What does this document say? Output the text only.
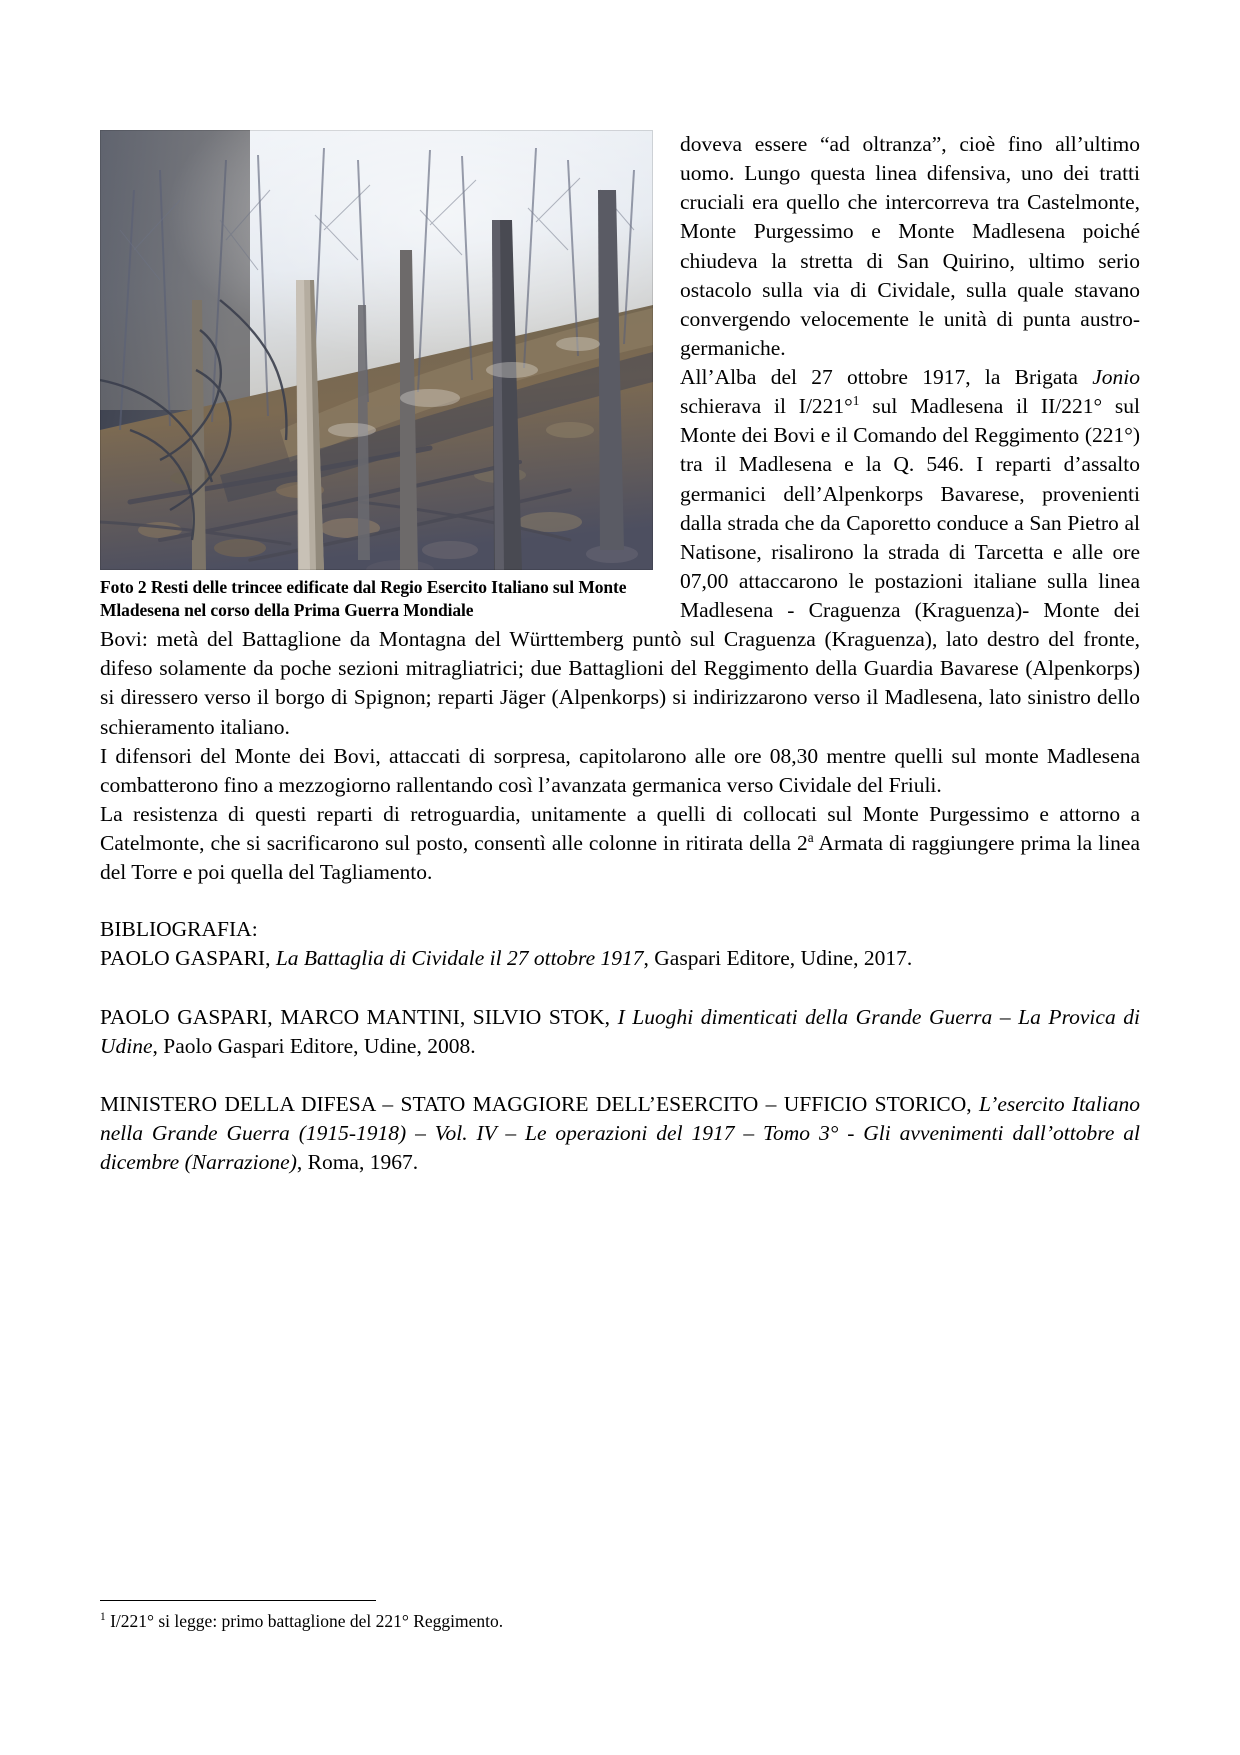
Foto 2 Resti delle trincee edificate dal Regio Esercito Italiano sul Monte Mladesena nel corso della Prima Guerra Mondiale

doveva essere “ad oltranza”, cioè fino all’ultimo uomo. Lungo questa linea difensiva, uno dei tratti cruciali era quello che intercorreva tra Castelmonte, Monte Purgessimo e Monte Madlesena poiché chiudeva la stretta di San Quirino, ultimo serio ostacolo sulla via di Cividale, sulla quale stavano convergendo velocemente le unità di punta austro-germaniche.

All’Alba del 27 ottobre 1917, la Brigata Jonio schierava il I/221°$^1$ sul Madlesena il II/221° sul Monte dei Bovi e il Comando del Reggimento (221°) tra il Madlesena e la Q. 546. I reparti d’assalto germanici dell’Alpenkorps Bavarese, provenienti dalla strada che da Caporetto conduce a San Pietro al Natisone, risalirono la strada di Tarcetta e alle ore 07,00 attaccarono le postazioni italiane sulla linea Madlesena - Craguenza (Kraguenza)- Monte dei Bovi: metà del Battaglione da Montagna del Württemberg puntò sul Craguenza (Kraguenza), lato destro del fronte, difeso solamente da poche sezioni mitragliatrici; due Battaglioni del Reggimento della Guardia Bavarese (Alpenkorps) si diressero verso il borgo di Spignon; reparti Jäger (Alpenkorps) si indirizzarono verso il Madlesena, lato sinistro dello schieramento italiano.

I difensori del Monte dei Bovi, attaccati di sorpresa, capitolarono alle ore 08,30 mentre quelli sul monte Madlesena combatterono fino a mezzogiorno rallentando così l’avanzata germanica verso Cividale del Friuli.

La resistenza di questi reparti di retroguardia, unitamente a quelli di collocati sul Monte Purgessimo e attorno a Catelmonte, che si sacrificarono sul posto, consentì alle colonne in ritirata della 2$^a$ Armata di raggiungere prima la linea del Torre e poi quella del Tagliamento.

BIBLIOGRAFIA:

PAOLO GASPARI, La Battaglia di Cividale il 27 ottobre 1917, Gaspari Editore, Udine, 2017.

PAOLO GASPARI, MARCO MANTINI, SILVIO STOK, I Luoghi dimenticati della Grande Guerra – La Provica di Udine, Paolo Gaspari Editore, Udine, 2008.

MINISTERO DELLA DIFESA – STATO MAGGIORE DELL’ESERCITO – UFFICIO STORICO, L’esercito Italiano nella Grande Guerra (1915-1918) – Vol. IV – Le operazioni del 1917 – Tomo 3° - Gli avvenimenti dall’ottobre al dicembre (Narrazione), Roma, 1967.

$^1$ I/221° si legge: primo battaglione del 221° Reggimento.
